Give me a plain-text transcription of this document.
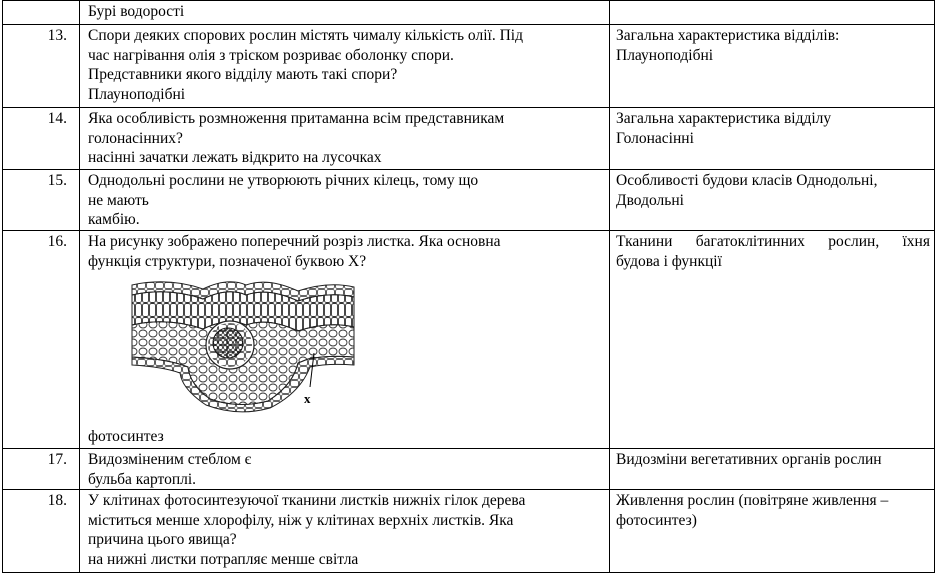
	Бурі водорості	

13.	Спори деяких спорових рослин містять чималу кількість олії. Під
час нагрівання олія з тріском розриває оболонку спори.
Представники якого відділу мають такі спори?
Плауноподібні	Загальна характеристика відділів:
Плауноподібні

14.	Яка особливість розмноження притаманна всім представникам
голонасінних?
насінні зачатки лежать відкрито на лусочках	Загальна характеристика відділу
Голонасінні

15.	Однодольні рослини не утворюють річних кілець, тому що
не мають
камбію.	Особливості будови класів Однодольні,
Дводольні

16.	На рисунку зображено поперечний розріз листка. Яка основна
функція структури, позначеної буквою Х?
x
фотосинтез	Тканини багатоклітинних рослин, їхня
будова і функції

17.	Видозміненим стеблом є
бульба картоплі.	Видозміни вегетативних органів рослин

18.	У клітинах фотосинтезуючої тканини листків нижніх гілок дерева
міститься менше хлорофілу, ніж у клітинах верхніх листків. Яка
причина цього явища?
на нижні листки потрапляє менше світла	Живлення рослин (повітряне живлення –
фотосинтез)
